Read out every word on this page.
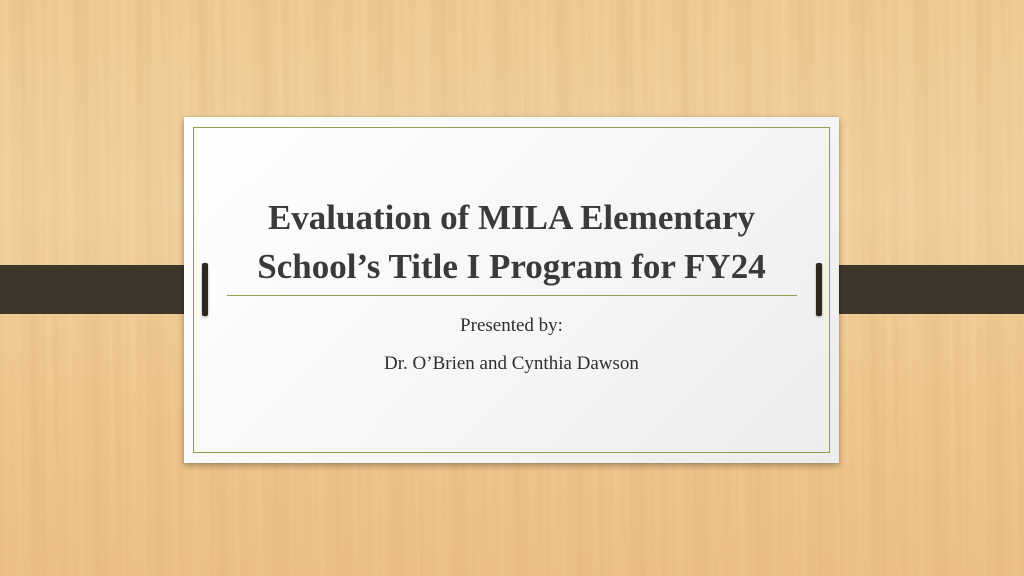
Evaluation of MILA Elementary
School’s Title I Program for FY24
Presented by:
Dr. O’Brien and Cynthia Dawson
